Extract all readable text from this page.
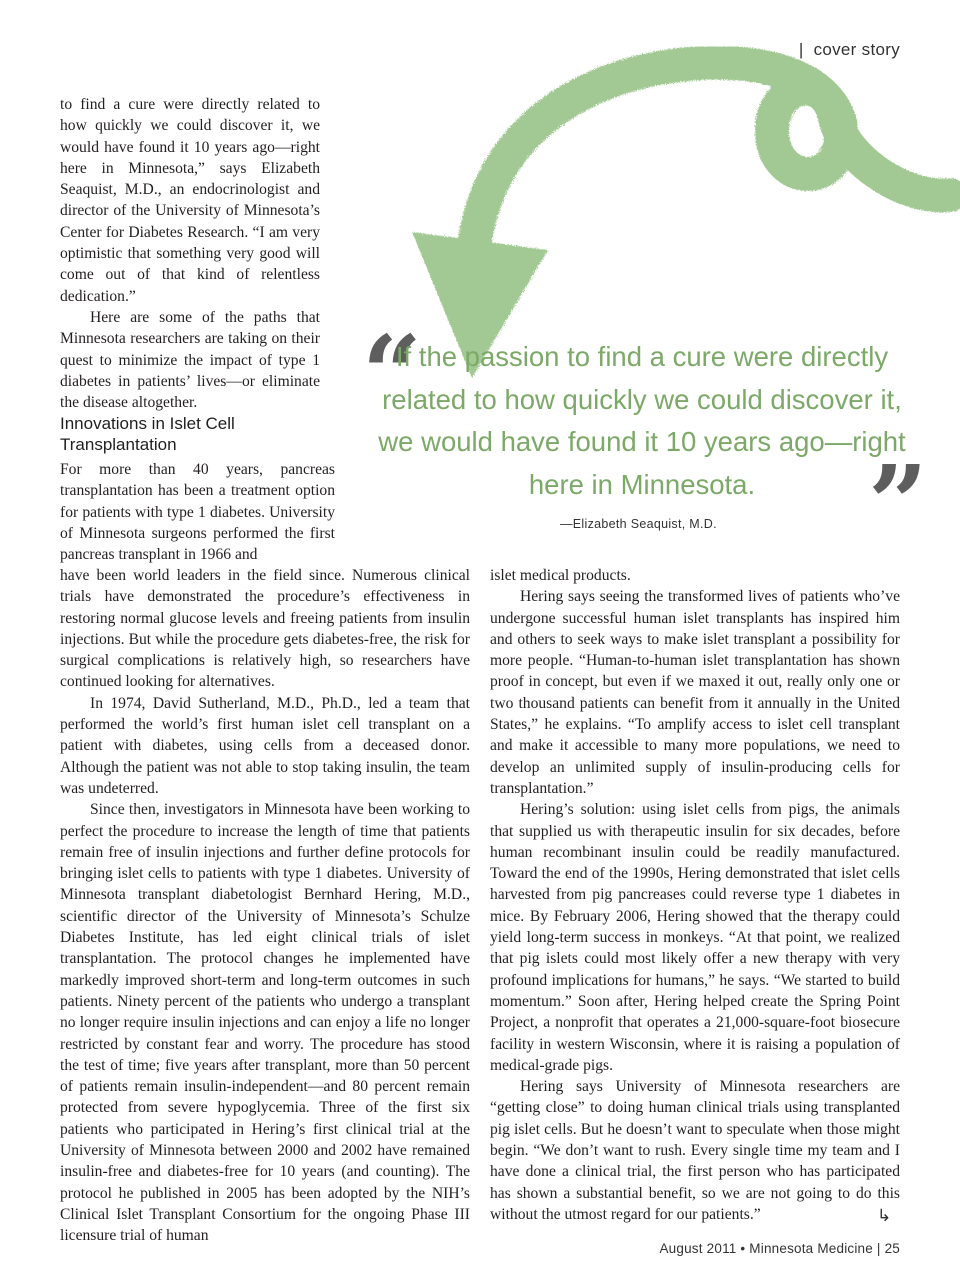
| cover story

to find a cure were directly related to how quickly we could discover it, we would have found it 10 years ago—right here in Minnesota,” says Elizabeth Seaquist, M.D., an endocrinologist and director of the University of Minnesota’s Center for Diabetes Research. “I am very optimistic that something very good will come out of that kind of relentless dedication.”

Here are some of the paths that Minnesota researchers are taking on their quest to minimize the impact of type 1 diabetes in patients’ lives—or eliminate the disease altogether.

Innovations in Islet Cell Transplantation

For more than 40 years, pancreas transplantation has been a treatment option for patients with type 1 diabetes. University of Minnesota surgeons performed the first pancreas transplant in 1966 and

have been world leaders in the field since. Numerous clinical trials have demonstrated the procedure’s effectiveness in restoring normal glucose levels and freeing patients from insulin injections. But while the procedure gets diabetes-free, the risk for surgical complications is relatively high, so researchers have continued looking for alternatives.

In 1974, David Sutherland, M.D., Ph.D., led a team that performed the world’s first human islet cell transplant on a patient with diabetes, using cells from a deceased donor. Although the patient was not able to stop taking insulin, the team was undeterred.

Since then, investigators in Minnesota have been working to perfect the procedure to increase the length of time that patients remain free of insulin injections and further define protocols for bringing islet cells to patients with type 1 diabetes. University of Minnesota transplant diabetologist Bernhard Hering, M.D., scientific director of the University of Minnesota’s Schulze Diabetes Institute, has led eight clinical trials of islet transplantation. The protocol changes he implemented have markedly improved short-term and long-term outcomes in such patients. Ninety percent of the patients who undergo a transplant no longer require insulin injections and can enjoy a life no longer restricted by constant fear and worry. The procedure has stood the test of time; five years after transplant, more than 50 percent of patients remain insulin-independent—and 80 percent remain protected from severe hypoglycemia. Three of the first six patients who participated in Hering’s first clinical trial at the University of Minnesota between 2000 and 2002 have remained insulin-free and diabetes-free for 10 years (and counting). The protocol he published in 2005 has been adopted by the NIH’s Clinical Islet Transplant Consortium for the ongoing Phase III licensure trial of human

islet medical products.

Hering says seeing the transformed lives of patients who’ve undergone successful human islet transplants has inspired him and others to seek ways to make islet transplant a possibility for more people. “Human-to-human islet transplantation has shown proof in concept, but even if we maxed it out, really only one or two thousand patients can benefit from it annually in the United States,” he explains. “To amplify access to islet cell transplant and make it accessible to many more populations, we need to develop an unlimited supply of insulin-producing cells for transplantation.”

Hering’s solution: using islet cells from pigs, the animals that supplied us with therapeutic insulin for six decades, before human recombinant insulin could be readily manufactured. Toward the end of the 1990s, Hering demonstrated that islet cells harvested from pig pancreases could reverse type 1 diabetes in mice. By February 2006, Hering showed that the therapy could yield long-term success in monkeys. “At that point, we realized that pig islets could most likely offer a new therapy with very profound implications for humans,” he says. “We started to build momentum.” Soon after, Hering helped create the Spring Point Project, a nonprofit that operates a 21,000-square-foot biosecure facility in western Wisconsin, where it is raising a population of medical-grade pigs.

Hering says University of Minnesota researchers are “getting close” to doing human clinical trials using transplanted pig islet cells. But he doesn’t want to speculate when those might begin. “We don’t want to rush. Every single time my team and I have done a clinical trial, the first person who has participated has shown a substantial benefit, so we are not going to do this without the utmost regard for our patients.”

“

If the passion to find a cure were directly related to how quickly we could discover it, we would have found it 10 years ago—right here in Minnesota.	”
—Elizabeth Seaquist, M.D.
↳
August 2011 • Minnesota Medicine | 25
